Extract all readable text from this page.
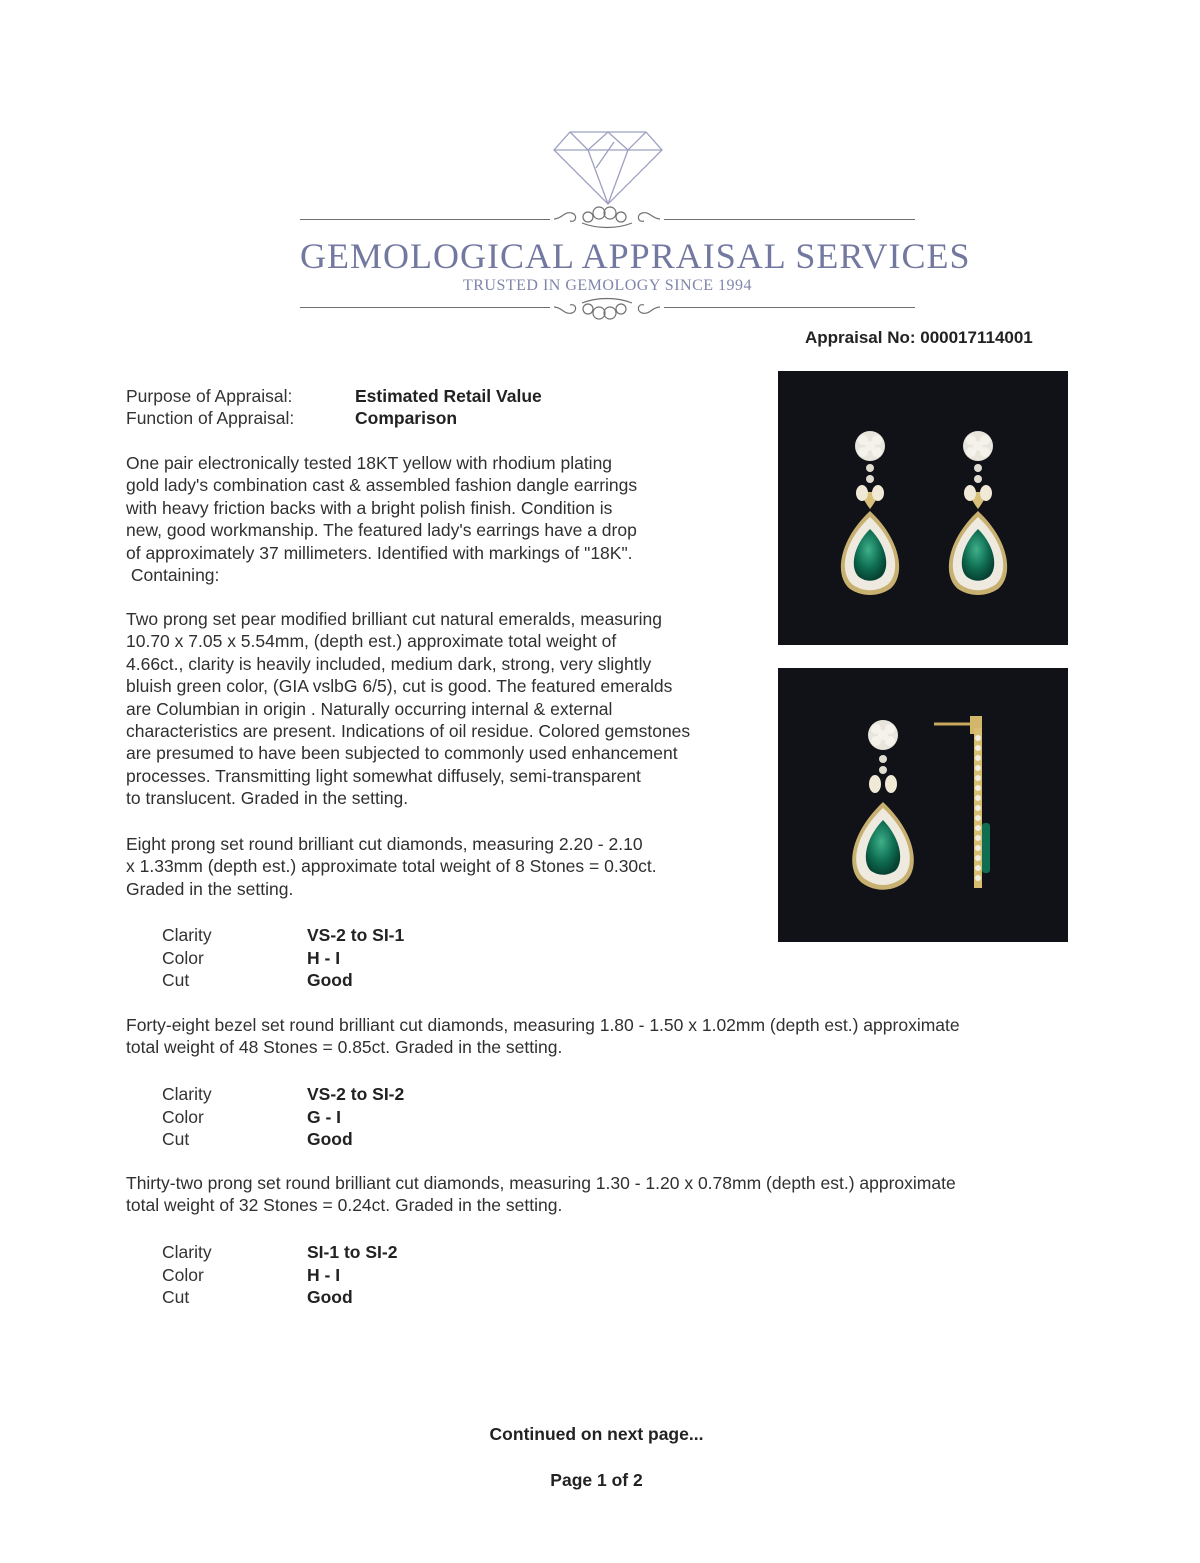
GEMOLOGICAL APPRAISAL SERVICES
TRUSTED IN GEMOLOGY SINCE 1994
Appraisal No: 000017114001
Purpose of Appraisal:	Estimated Retail Value
Function of Appraisal:	Comparison
One pair electronically tested 18KT yellow with rhodium plating
gold lady's combination cast & assembled fashion dangle earrings
with heavy friction backs with a bright polish finish. Condition is
new, good workmanship. The featured lady's earrings have a drop
of approximately 37 millimeters. Identified with markings of "18K".
Containing:
Two prong set pear modified brilliant cut natural emeralds, measuring
10.70 x 7.05 x 5.54mm, (depth est.) approximate total weight of
4.66ct., clarity is heavily included, medium dark, strong, very slightly
bluish green color, (GIA vslbG 6/5), cut is good. The featured emeralds
are Columbian in origin . Naturally occurring internal & external
characteristics are present. Indications of oil residue. Colored gemstones
are presumed to have been subjected to commonly used enhancement
processes. Transmitting light somewhat diffusely, semi-transparent
to translucent. Graded in the setting.
Eight prong set round brilliant cut diamonds, measuring 2.20 - 2.10
x 1.33mm (depth est.) approximate total weight of 8 Stones = 0.30ct.
Graded in the setting.
Clarity	VS-2 to SI-1
Color	H - I
Cut	Good
Forty-eight bezel set round brilliant cut diamonds, measuring 1.80 - 1.50 x 1.02mm (depth est.) approximate
total weight of 48 Stones = 0.85ct. Graded in the setting.
Clarity	VS-2 to SI-2
Color	G - I
Cut	Good
Thirty-two prong set round brilliant cut diamonds, measuring 1.30 - 1.20 x 0.78mm (depth est.) approximate
total weight of 32 Stones = 0.24ct. Graded in the setting.
Clarity	SI-1 to SI-2
Color	H - I
Cut	Good
Continued on next page...
Page 1 of 2
